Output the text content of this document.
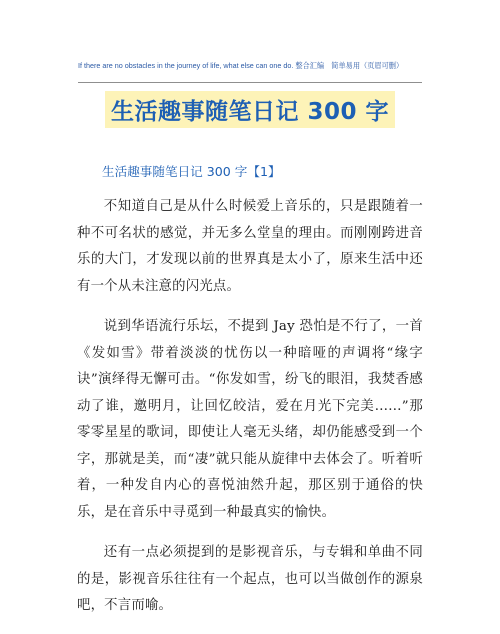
If there are no obstacles in the journey of life, what else can one do. 整合汇编　简单易用（页眉可删）
生活趣事随笔日记 300 字
生活趣事随笔日记 300 字【1】

不知道自己是从什么时候爱上音乐的，只是跟随着一种不可名状的感觉，并无多么堂皇的理由。而刚刚跨进音乐的大门，才发现以前的世界真是太小了，原来生活中还有一个从未注意的闪光点。

说到华语流行乐坛，不提到 Jay 恐怕是不行了，一首《发如雪》带着淡淡的忧伤以一种暗哑的声调将“缘字诀”演绎得无懈可击。“你发如雪，纷飞的眼泪，我焚香感动了谁，邀明月，让回忆皎洁，爱在月光下完美……”那零零星星的歌词，即使让人毫无头绪，却仍能感受到一个字，那就是美，而“凄”就只能从旋律中去体会了。听着听着，一种发自内心的喜悦油然升起，那区别于通俗的快乐，是在音乐中寻觅到一种最真实的愉快。

还有一点必须提到的是影视音乐，与专辑和单曲不同的是，影视音乐往往有一个起点，也可以当做创作的源泉吧，不言而喻。
